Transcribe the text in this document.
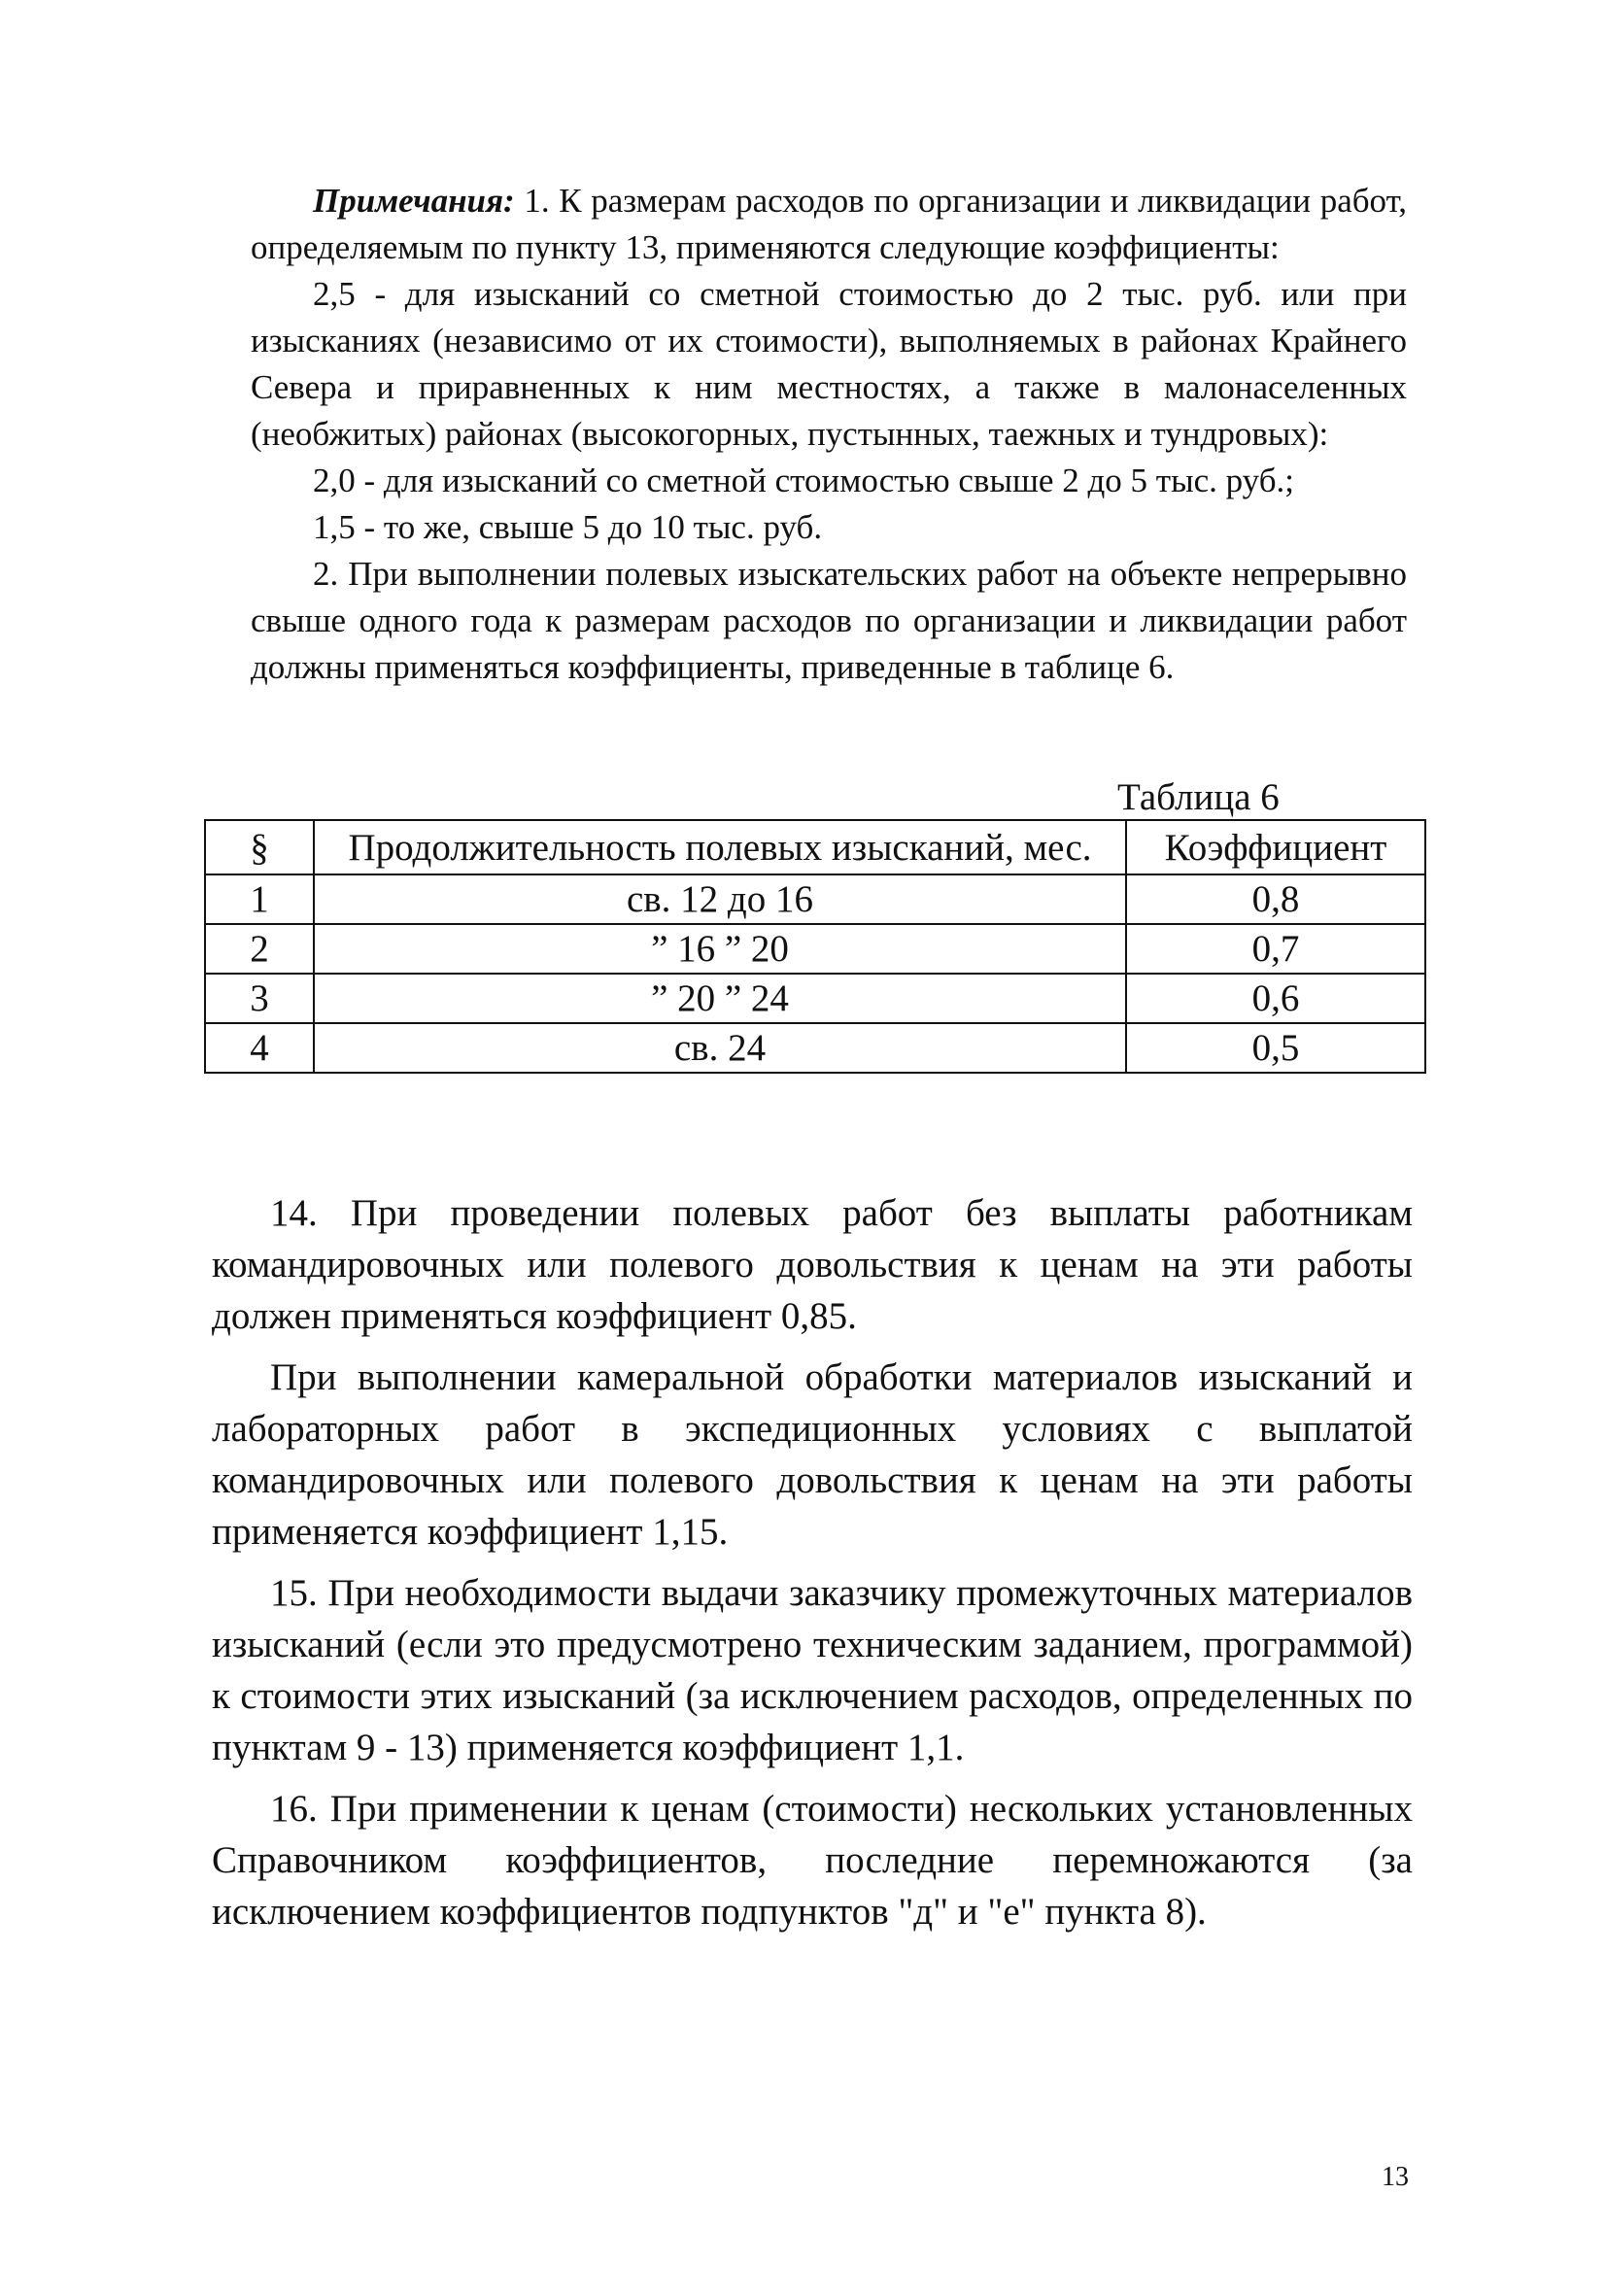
Примечания: 1. К размерам расходов по организации и ликвидации работ, определяемым по пункту 13, применяются следующие коэффициенты:

2,5 - для изысканий со сметной стоимостью до 2 тыс. руб. или при изысканиях (независимо от их стоимости), выполняемых в районах Крайнего Севера и приравненных к ним местностях, а также в малонаселенных (необжитых) районах (высокогорных, пустынных, таежных и тундровых):

2,0 - для изысканий со сметной стоимостью свыше 2 до 5 тыс. руб.;

1,5 - то же, свыше 5 до 10 тыс. руб.

2. При выполнении полевых изыскательских работ на объекте непрерывно свыше одного года к размерам расходов по организации и ликвидации работ должны применяться коэффициенты, приведенные в таблице 6.

Таблица 6
§	Продолжительность полевых изысканий, мес.	Коэффициент
1	св. 12 до 16	0,8
2	” 16 ” 20	0,7
3	” 20 ” 24	0,6
4	св. 24	0,5

14. При проведении полевых работ без выплаты работникам командировочных или полевого довольствия к ценам на эти работы должен применяться коэффициент 0,85.

При выполнении камеральной обработки материалов изысканий и лабораторных работ в экспедиционных условиях с выплатой командировочных или полевого довольствия к ценам на эти работы применяется коэффициент 1,15.

15. При необходимости выдачи заказчику промежуточных материалов изысканий (если это предусмотрено техническим заданием, программой) к стоимости этих изысканий (за исключением расходов, определенных по пунктам 9 - 13) применяется коэффициент 1,1.

16. При применении к ценам (стоимости) нескольких установленных Справочником коэффициентов, последние перемножаются (за исключением коэффициентов подпунктов "д" и "е" пункта 8).

13
